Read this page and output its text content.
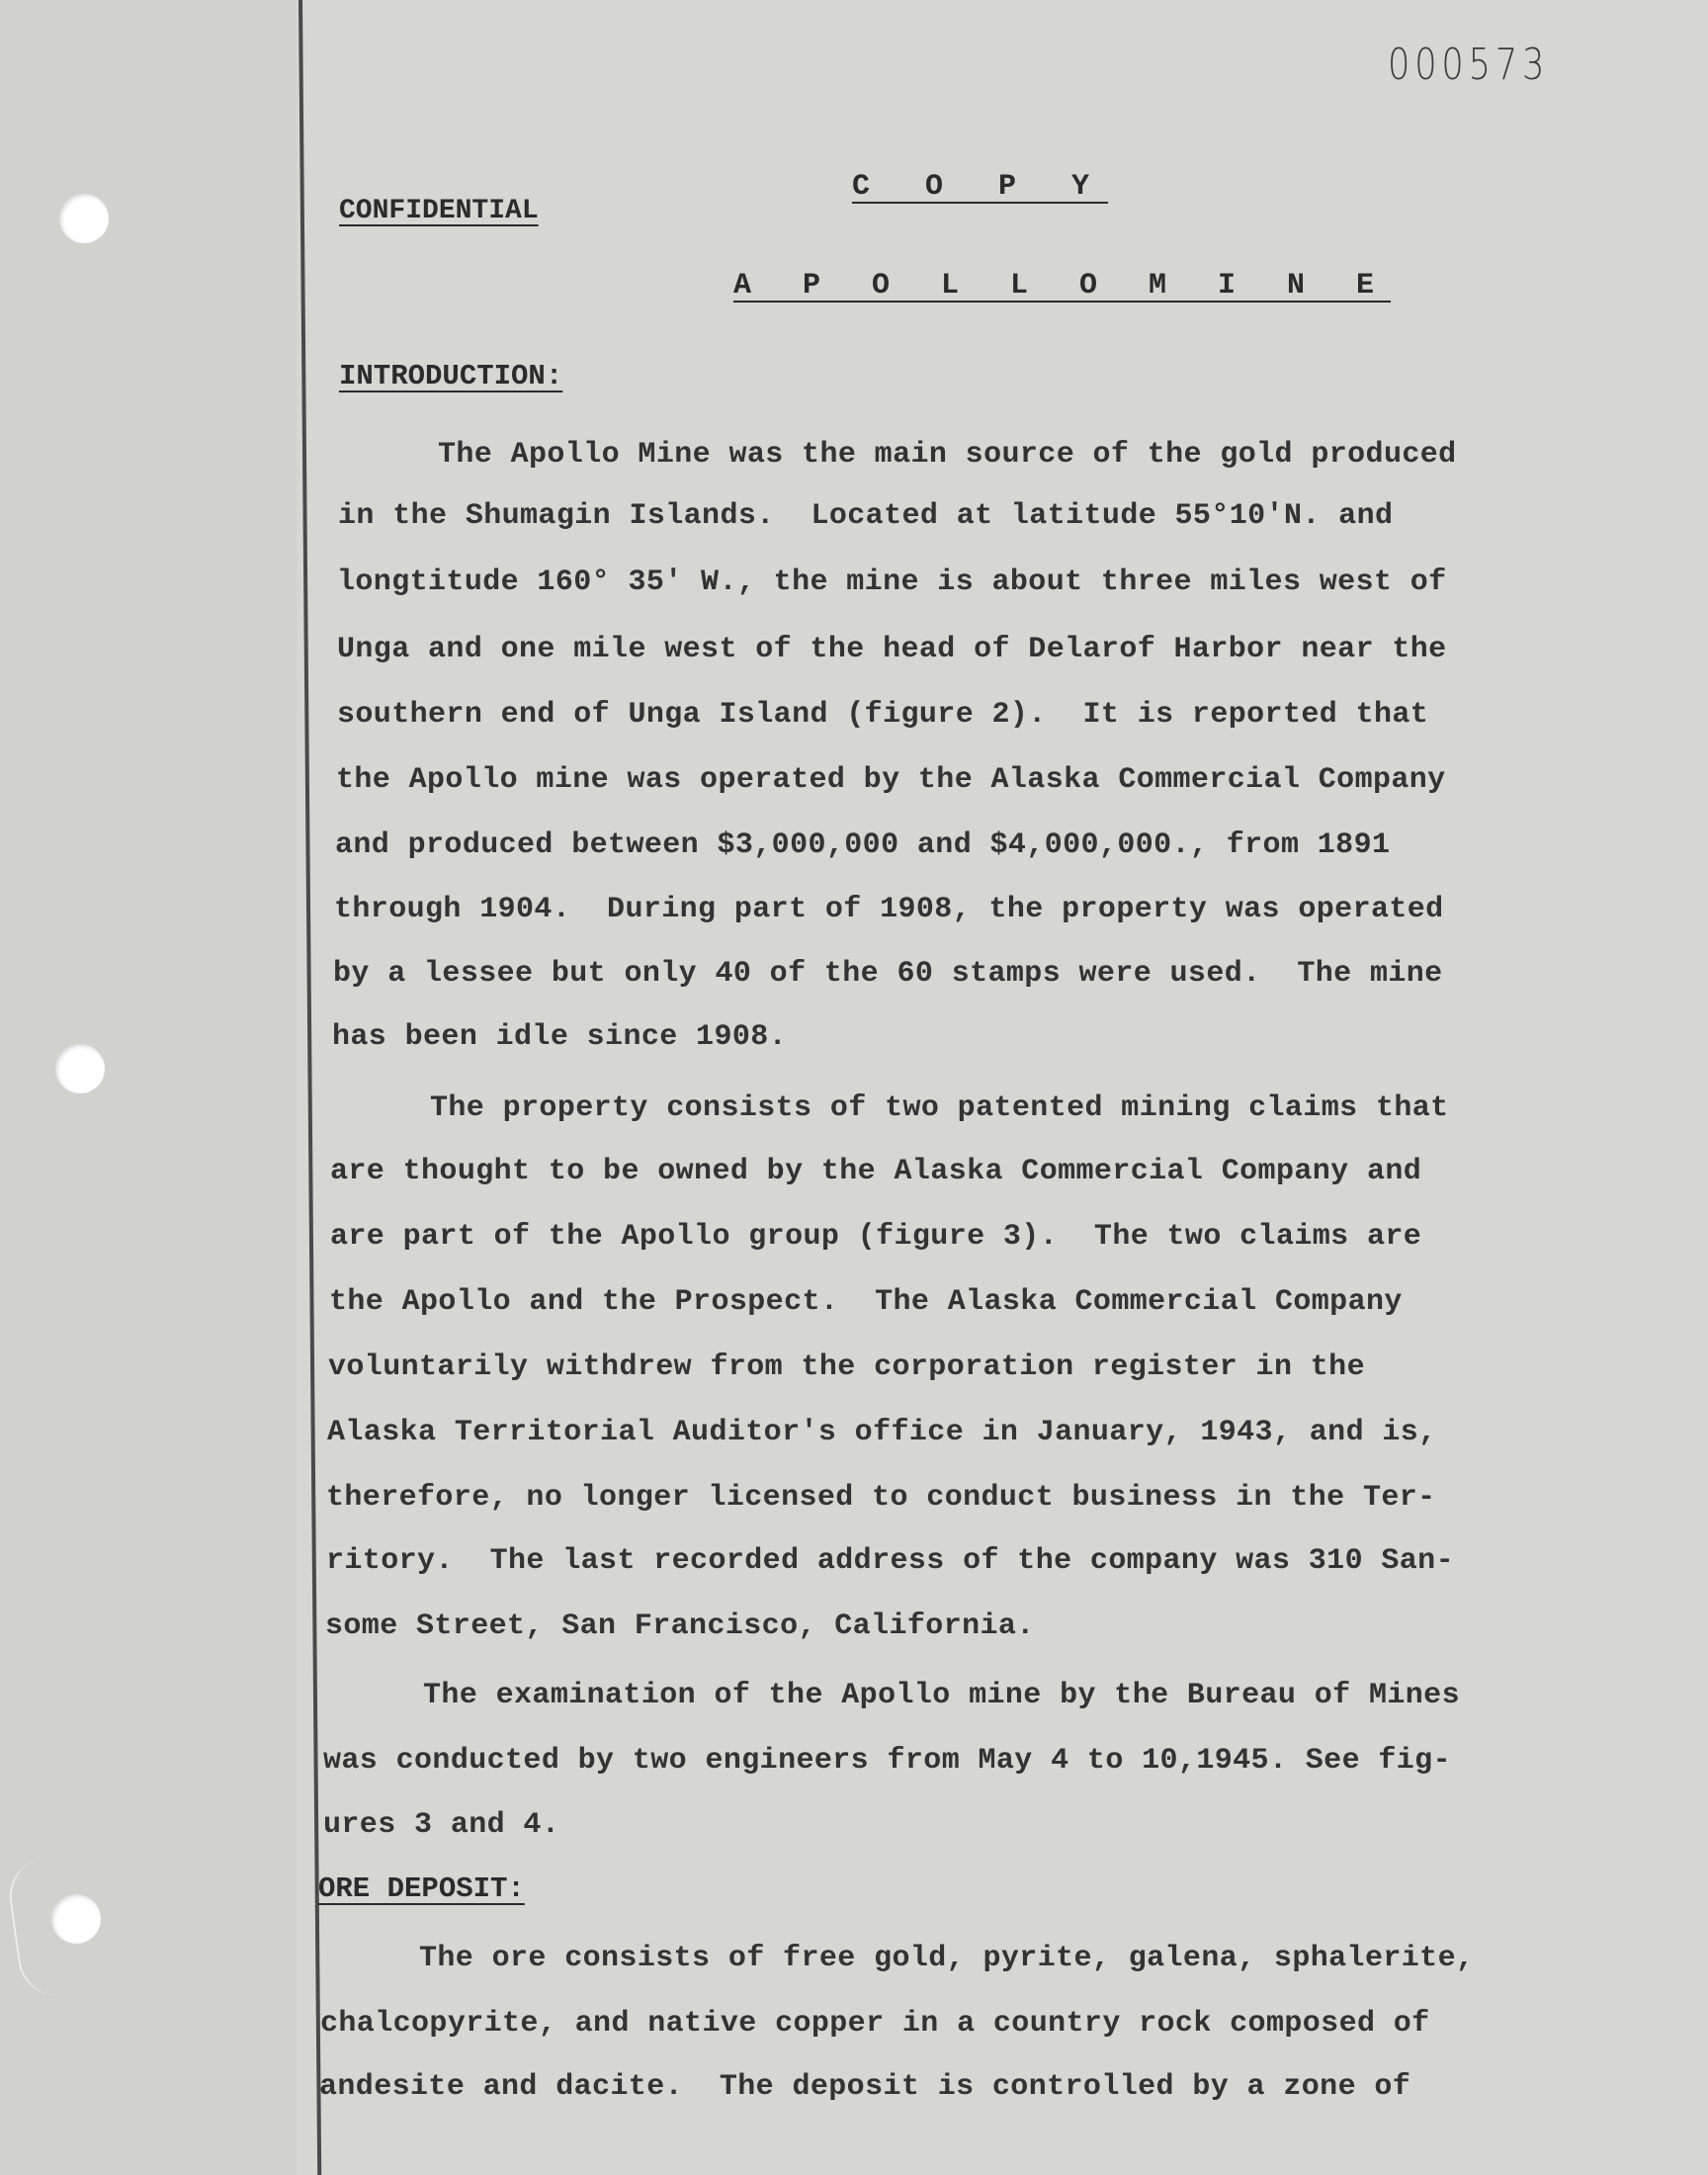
000573
CONFIDENTIAL
C O P Y
A P O L L O M I N E
INTRODUCTION:
The Apollo Mine was the main source of the gold produced
in the Shumagin Islands.  Located at latitude 55°10'N. and
longtitude 160° 35' W., the mine is about three miles west of
Unga and one mile west of the head of Delarof Harbor near the
southern end of Unga Island (figure 2).  It is reported that
the Apollo mine was operated by the Alaska Commercial Company
and produced between $3,000,000 and $4,000,000., from 1891
through 1904.  During part of 1908, the property was operated
by a lessee but only 40 of the 60 stamps were used.  The mine
has been idle since 1908.
The property consists of two patented mining claims that
are thought to be owned by the Alaska Commercial Company and
are part of the Apollo group (figure 3).  The two claims are
the Apollo and the Prospect.  The Alaska Commercial Company
voluntarily withdrew from the corporation register in the
Alaska Territorial Auditor's office in January, 1943, and is,
therefore, no longer licensed to conduct business in the Ter-
ritory.  The last recorded address of the company was 310 San-
some Street, San Francisco, California.
The examination of the Apollo mine by the Bureau of Mines
was conducted by two engineers from May 4 to 10,1945. See fig-
ures 3 and 4.
ORE DEPOSIT:
The ore consists of free gold, pyrite, galena, sphalerite,
chalcopyrite, and native copper in a country rock composed of
andesite and dacite.  The deposit is controlled by a zone of
